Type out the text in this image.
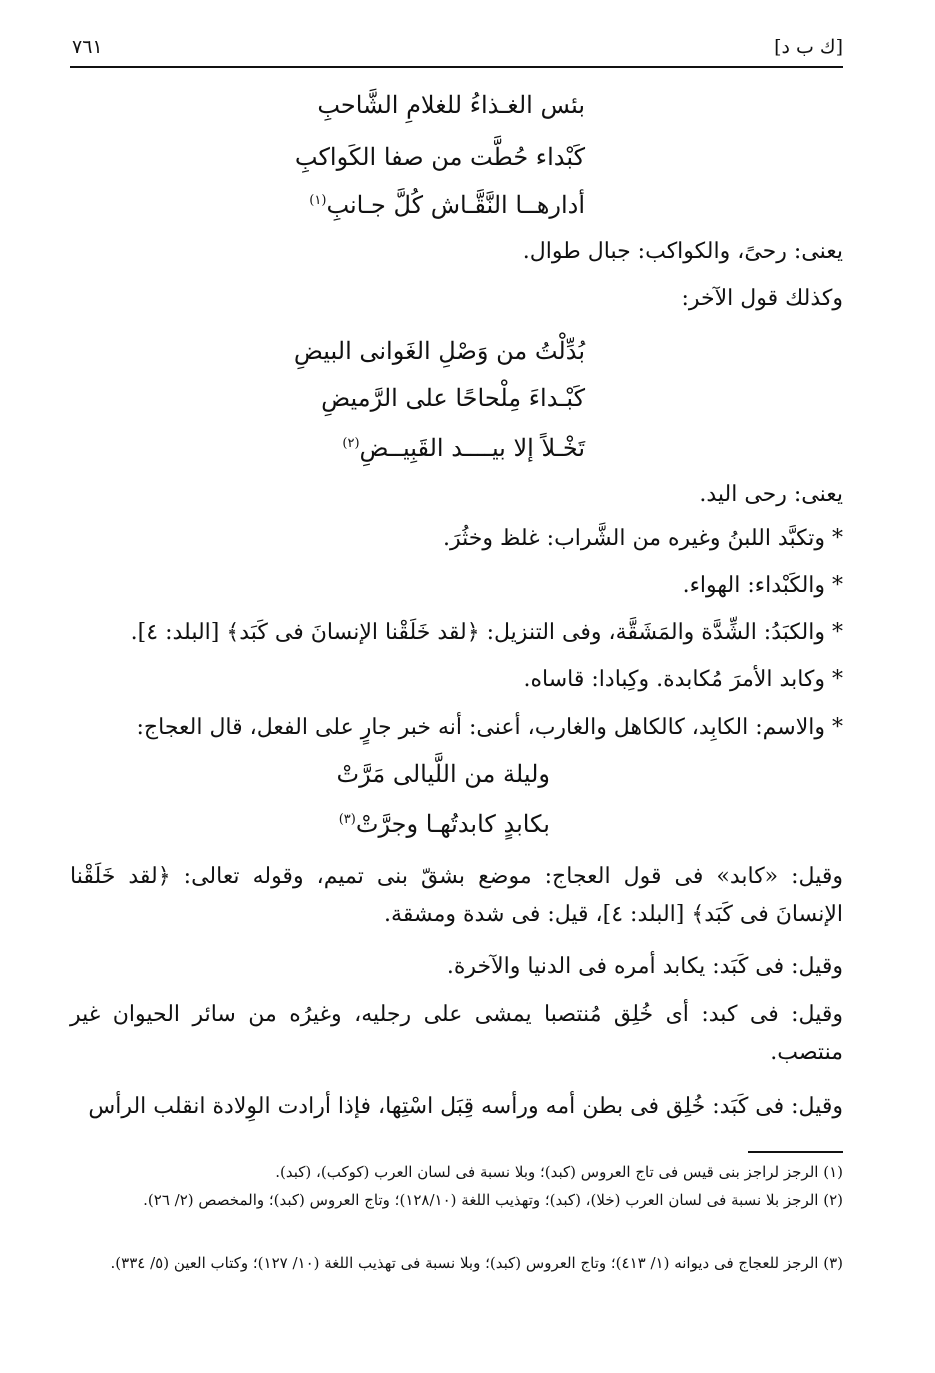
٧٦١	[ك ب د]
بئس الغـذاءُ للغلامِ الشَّاحبِ
كَبْداء حُطَّت من صفا الكَواكبِ
أدارهــا النَّقَّـاش كُلَّ جـانبِ$^{(١)}$
يعنى: رحىً، والكواكب: جبال طوال.
وكذلك قول الآخر:
بُدِّلْتُ من وَصْلِ الغَوانى البيضِ
كَبْـداءَ مِلْحاحًا على الرَّميضِ
تَخْـلاً إلا بيــــد القَبِيــضِ$^{(٢)}$
يعنى: رحى اليد.
* وتكبَّد اللبنُ وغيره من الشَّراب: غلظ وخثُرَ.
* والكَبْداء: الهواء.
* والكبَدُ: الشِّدَّة والمَشَقَّة، وفى التنزيل: ﴿لقد خَلَقْنا الإنسانَ فى كَبَد﴾ [البلد: ٤].
* وكابد الأمرَ مُكابدة. وكِبادا: قاساه.
* والاسم: الكابِد، كالكاهل والغارب، أعنى: أنه خبر جارٍ على الفعل، قال العجاج:
وليلة من اللَّيالى مَرَّتْ
بكابدٍ كابدتُهـا وجرَّتْ$^{(٣)}$
وقيل: «كابد» فى قول العجاج: موضع بشقّ بنى تميم، وقوله تعالى: ﴿لقد خَلَقْنا الإنسانَ فى كَبَد﴾ [البلد: ٤]، قيل: فى شدة ومشقة.
وقيل: فى كَبَد: يكابد أمره فى الدنيا والآخرة.
وقيل: فى كبد: أى خُلِق مُنتصبا يمشى على رجليه، وغيرُه من سائر الحيوان غير منتصب.
وقيل: فى كَبَد: خُلِق فى بطن أمه ورأسه قِبَل اسْتِها، فإذا أرادت الوِلادة انقلب الرأس
(١) الرجز لراجز بنى قيس فى تاج العروس (كبد)؛ وبلا نسبة فى لسان العرب (كوكب)، (كبد).
(٢) الرجز بلا نسبة فى لسان العرب (خلا)، (كبد)؛ وتهذيب اللغة (١٢٨/١٠)؛ وتاج العروس (كبد)؛ والمخصص (٢/ ٢٦).
(٣) الرجز للعجاج فى ديوانه (١/ ٤١٣)؛ وتاج العروس (كبد)؛ وبلا نسبة فى تهذيب اللغة (١٠/ ١٢٧)؛ وكتاب العين (٥/ ٣٣٤).
